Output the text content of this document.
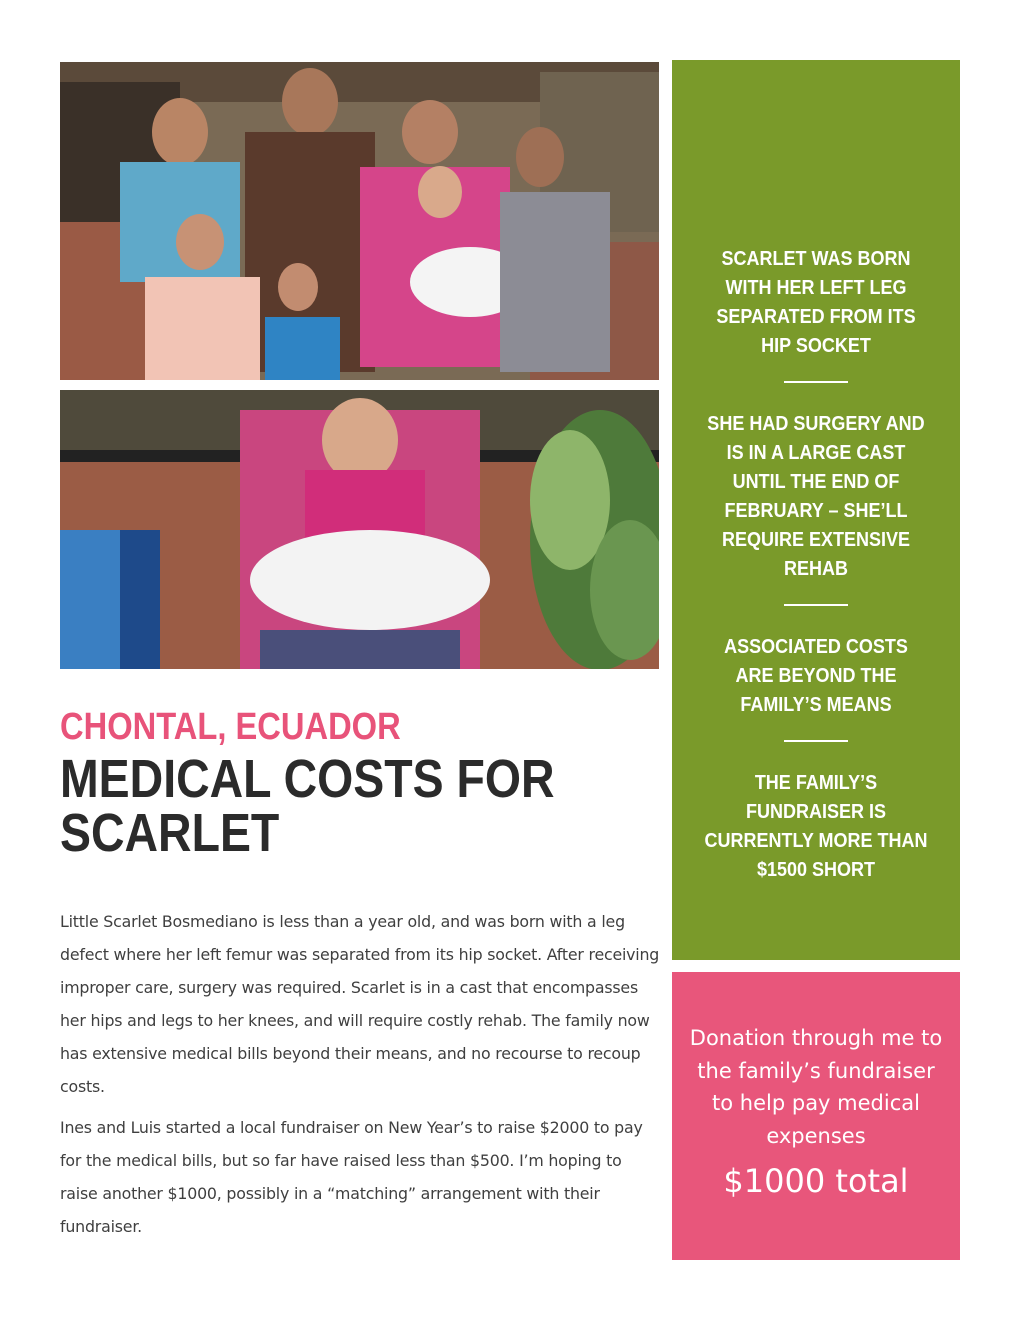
CHONTAL, ECUADOR
MEDICAL COSTS FOR SCARLET

Little Scarlet Bosmediano is less than a year old, and was born with a leg defect where her left femur was separated from its hip socket. After receiving improper care, surgery was required. Scarlet is in a cast that encompasses her hips and legs to her knees, and will require costly rehab. The family now has extensive medical bills beyond their means, and no recourse to recoup costs.

Ines and Luis started a local fundraiser on New Year’s to raise $2000 to pay for the medical bills, but so far have raised less than $500. I’m hoping to raise another $1000, possibly in a “matching” arrangement with their fundraiser.

SCARLET WAS BORN WITH HER LEFT LEG SEPARATED FROM ITS HIP SOCKET
SHE HAD SURGERY AND IS IN A LARGE CAST UNTIL THE END OF FEBRUARY – SHE’LL REQUIRE EXTENSIVE REHAB
ASSOCIATED COSTS ARE BEYOND THE FAMILY’S MEANS
THE FAMILY’S FUNDRAISER IS CURRENTLY MORE THAN $1500 SHORT
Donation through me to the family’s fundraiser to help pay medical expenses
$1000 total
